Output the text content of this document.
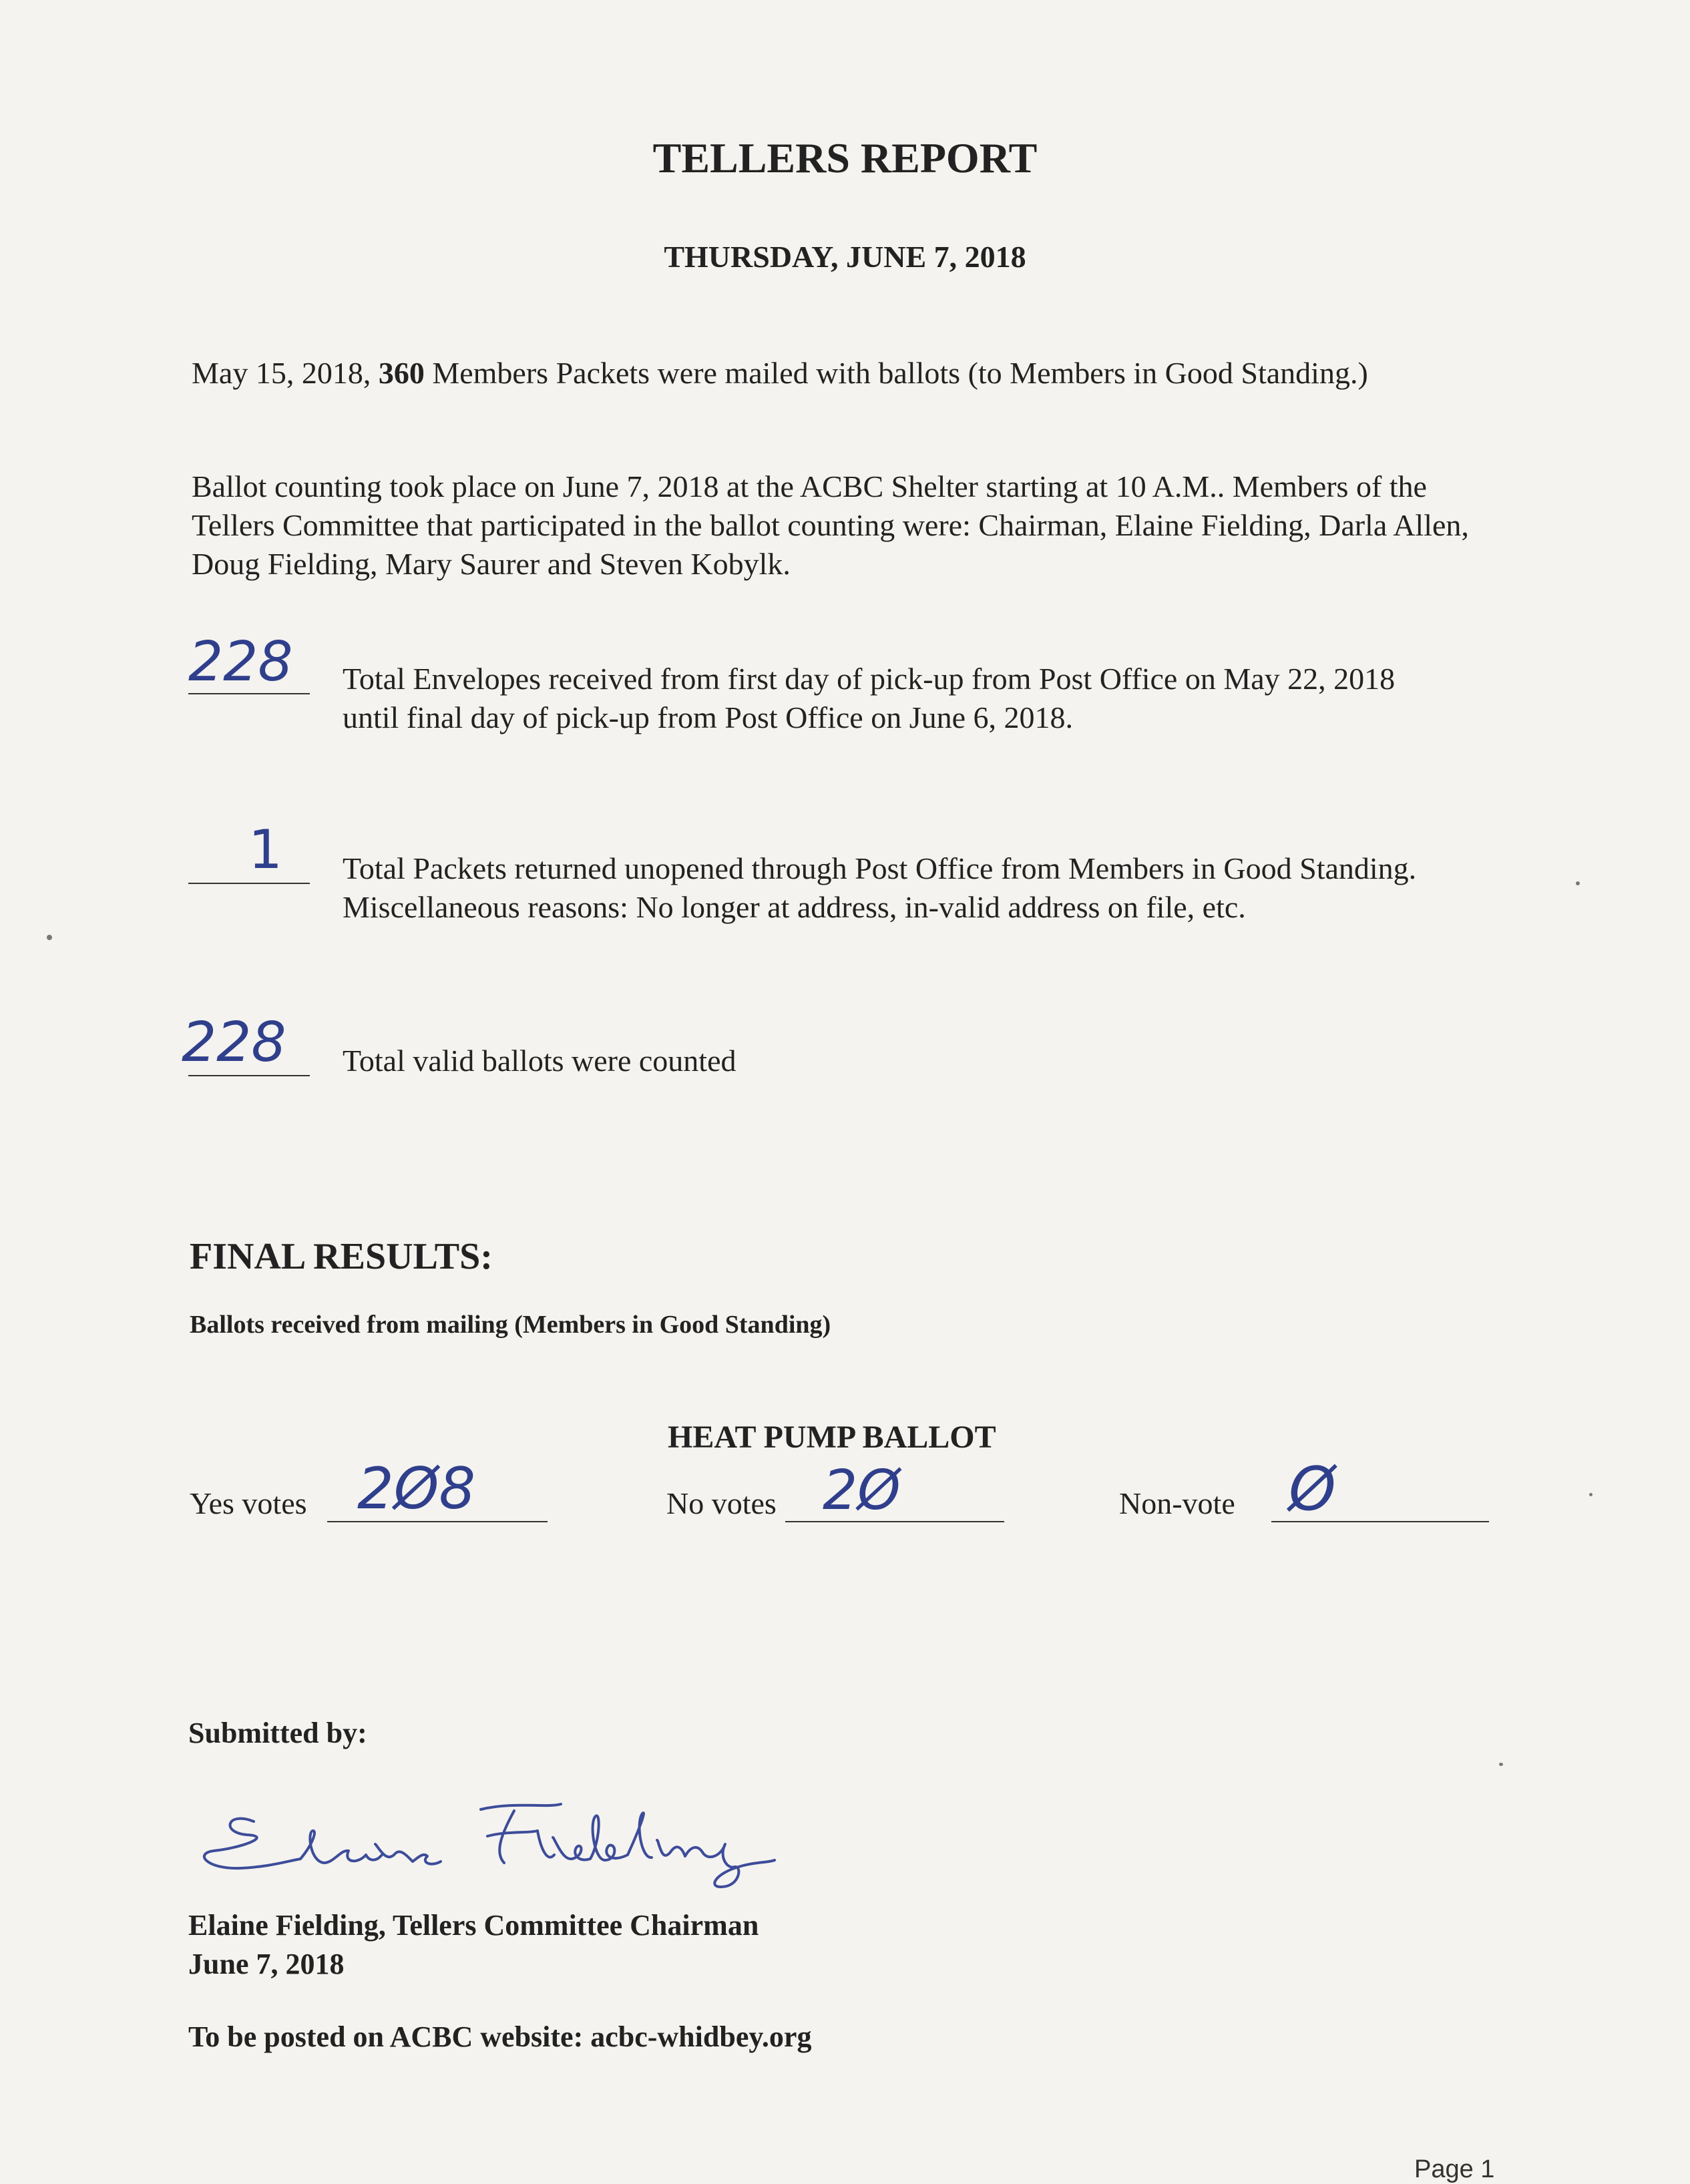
TELLERS REPORT
THURSDAY, JUNE 7, 2018
May 15, 2018, 360 Members Packets were mailed with ballots (to Members in Good Standing.)
Ballot counting took place on June 7, 2018 at the ACBC Shelter starting at 10 A.M.. Members of the Tellers Committee that participated in the ballot counting were: Chairman, Elaine Fielding, Darla Allen, Doug Fielding, Mary Saurer and Steven Kobylk.
228 Total Envelopes received from first day of pick-up from Post Office on May 22, 2018 until final day of pick-up from Post Office on June 6, 2018.
1 Total Packets returned unopened through Post Office from Members in Good Standing. Miscellaneous reasons: No longer at address, in-valid address on file, etc.
228 Total valid ballots were counted
FINAL RESULTS:
Ballots received from mailing (Members in Good Standing)
HEAT PUMP BALLOT
Yes votes 2Ø8	No votes 2Ø	Non-vote Ø
Submitted by:
Elaine Fielding, Tellers Committee Chairman
June 7, 2018
To be posted on ACBC website: acbc-whidbey.org
Page 1
